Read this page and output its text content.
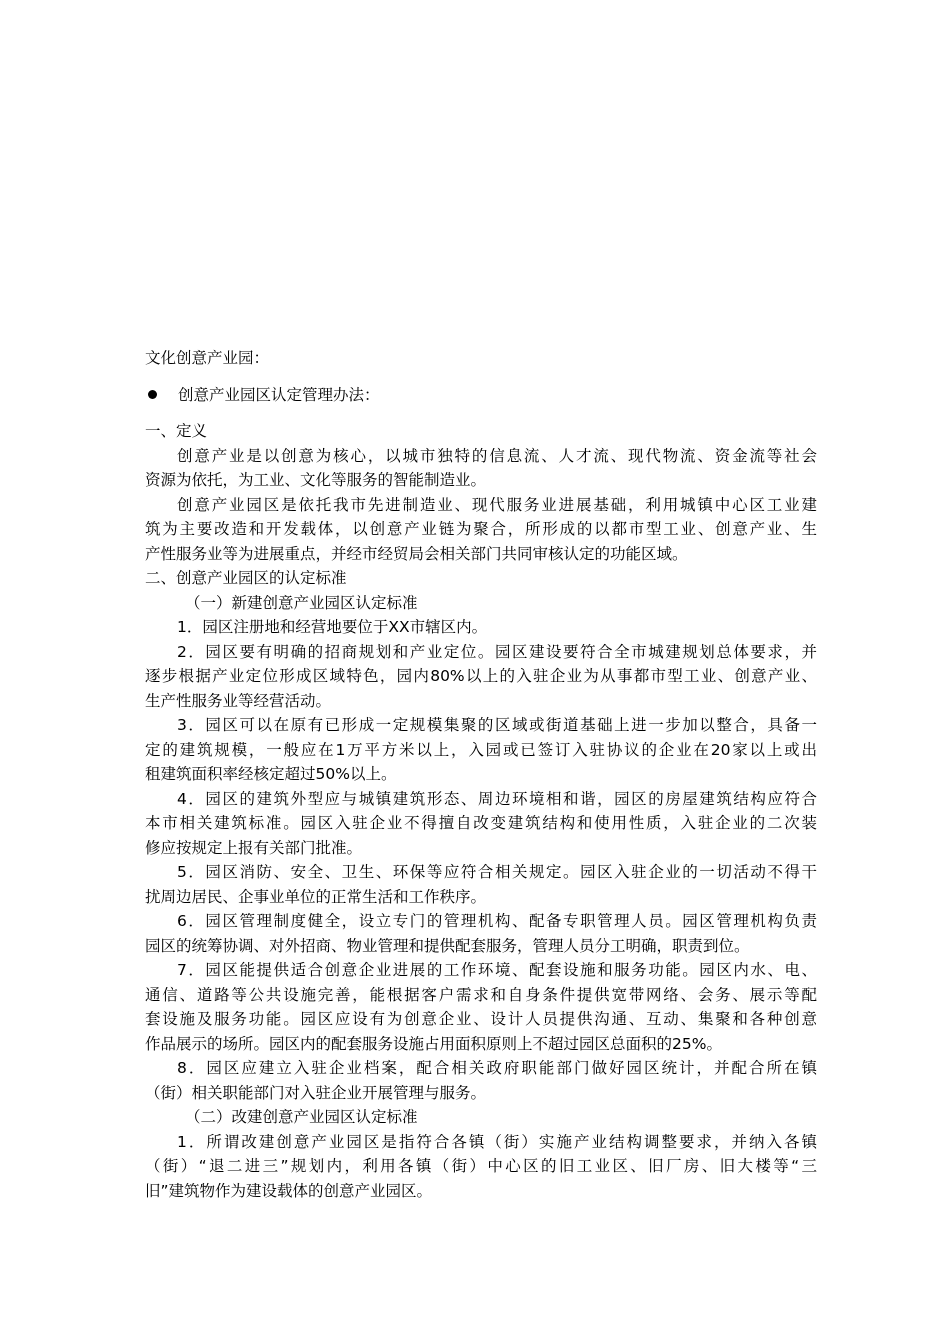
文化创意产业园：
创意产业园区认定管理办法：
一、定义
创意产业是以创意为核心，以城市独特的信息流、人才流、现代物流、资金流等社会
资源为依托，为工业、文化等服务的智能制造业。
创意产业园区是依托我市先进制造业、现代服务业进展基础，利用城镇中心区工业建
筑为主要改造和开发载体，以创意产业链为聚合，所形成的以都市型工业、创意产业、生
产性服务业等为进展重点，并经市经贸局会相关部门共同审核认定的功能区域。
二、创意产业园区的认定标准
（一）新建创意产业园区认定标准
1．园区注册地和经营地要位于XX市辖区内。
2．园区要有明确的招商规划和产业定位。园区建设要符合全市城建规划总体要求，并
逐步根据产业定位形成区域特色，园内80%以上的入驻企业为从事都市型工业、创意产业、
生产性服务业等经营活动。
3．园区可以在原有已形成一定规模集聚的区域或街道基础上进一步加以整合，具备一
定的建筑规模，一般应在1万平方米以上，入园或已签订入驻协议的企业在20家以上或出
租建筑面积率经核定超过50%以上。
4．园区的建筑外型应与城镇建筑形态、周边环境相和谐，园区的房屋建筑结构应符合
本市相关建筑标准。园区入驻企业不得擅自改变建筑结构和使用性质，入驻企业的二次装
修应按规定上报有关部门批准。
5．园区消防、安全、卫生、环保等应符合相关规定。园区入驻企业的一切活动不得干
扰周边居民、企事业单位的正常生活和工作秩序。
6．园区管理制度健全，设立专门的管理机构、配备专职管理人员。园区管理机构负责
园区的统筹协调、对外招商、物业管理和提供配套服务，管理人员分工明确，职责到位。
7．园区能提供适合创意企业进展的工作环境、配套设施和服务功能。园区内水、电、
通信、道路等公共设施完善，能根据客户需求和自身条件提供宽带网络、会务、展示等配
套设施及服务功能。园区应设有为创意企业、设计人员提供沟通、互动、集聚和各种创意
作品展示的场所。园区内的配套服务设施占用面积原则上不超过园区总面积的25%。
8．园区应建立入驻企业档案，配合相关政府职能部门做好园区统计，并配合所在镇
（街）相关职能部门对入驻企业开展管理与服务。
（二）改建创意产业园区认定标准
1．所谓改建创意产业园区是指符合各镇（街）实施产业结构调整要求，并纳入各镇
（街）“退二进三”规划内，利用各镇（街）中心区的旧工业区、旧厂房、旧大楼等“三
旧”建筑物作为建设载体的创意产业园区。
